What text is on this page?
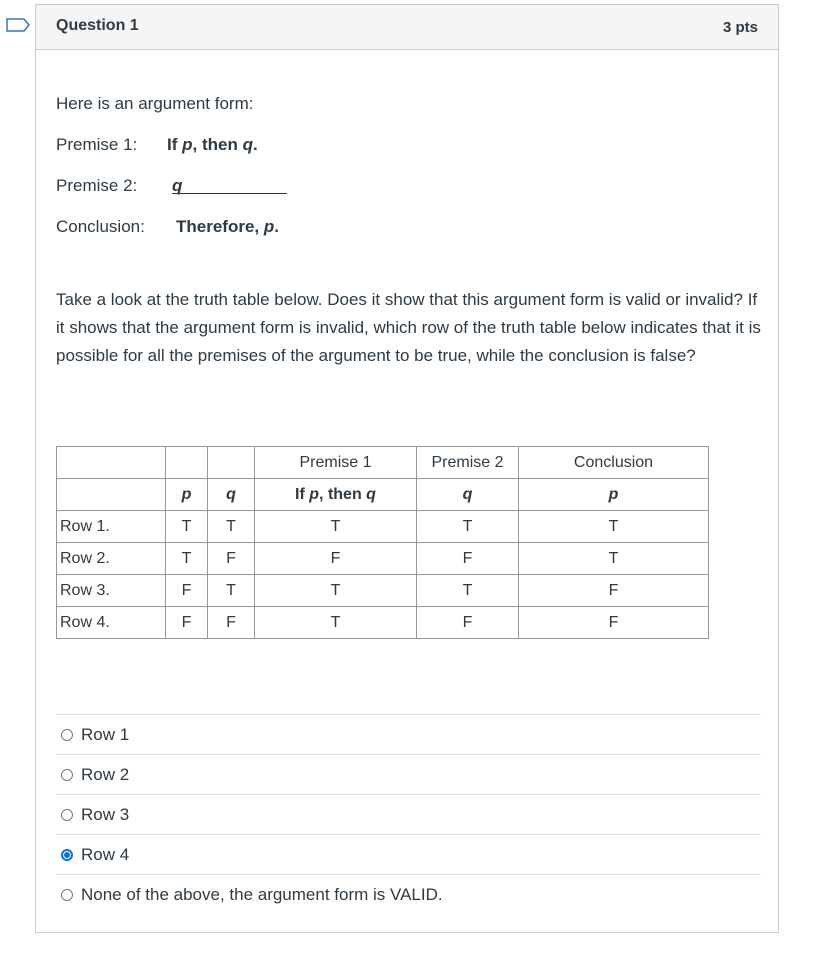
Question 1	3 pts
Here is an argument form:
Premise 1: If p, then q.
Premise 2: q
Conclusion: Therefore, p.
Take a look at the truth table below. Does it show that this argument form is valid or invalid? If it shows that the argument form is invalid, which row of the truth table below indicates that it is possible for all the premises of the argument to be true, while the conclusion is false?
			Premise 1	Premise 2	Conclusion
	p	q	If p, then q	q	p
Row 1.	T	T	T	T	T
Row 2.	T	F	F	F	T
Row 3.	F	T	T	T	F
Row 4.	F	F	T	F	F
Row 1
Row 2
Row 3
Row 4
None of the above, the argument form is VALID.
